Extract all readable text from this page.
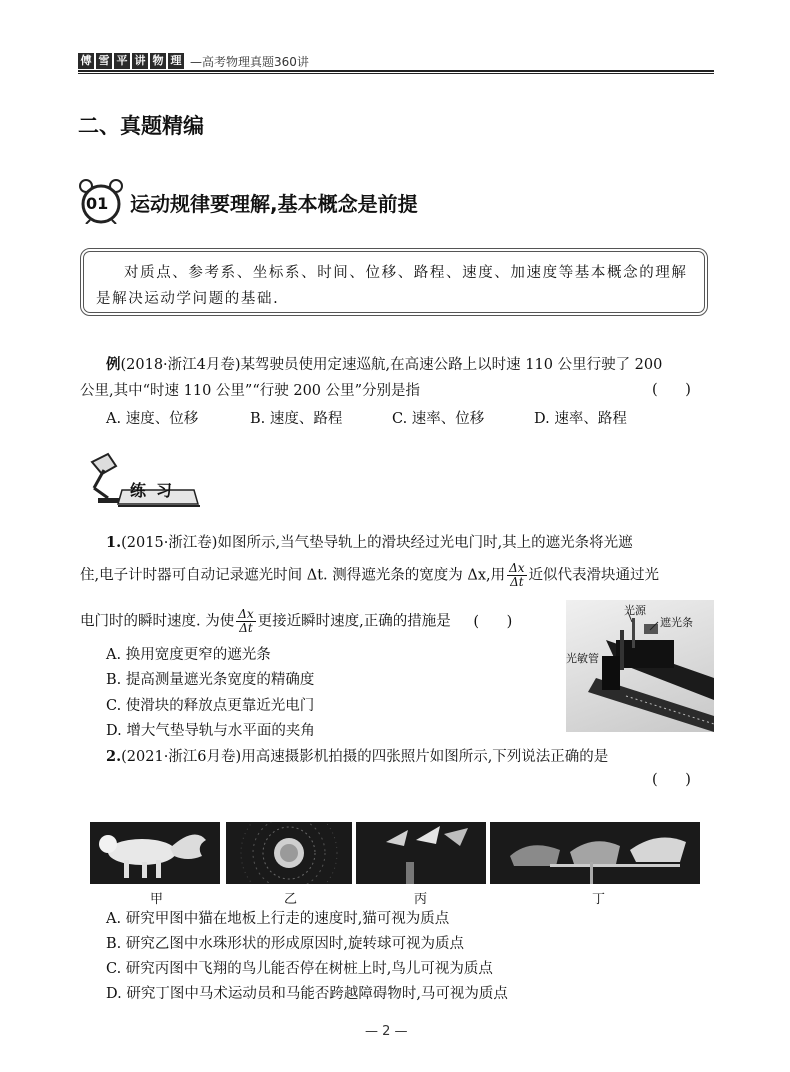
傅 雪 平 讲 物 理 —高考物理真题360讲
二、真题精编
01 运动规律要理解,基本概念是前提
对质点、参考系、坐标系、时间、位移、路程、速度、加速度等基本概念的理解是解决运动学问题的基础.
例(2018·浙江4月卷)某驾驶员使用定速巡航,在高速公路上以时速 110 公里行驶了 200
公里,其中“时速 110 公里”“行驶 200 公里”分别是指	(      )
A. 速度、位移	B. 速度、路程	C. 速率、位移	D. 速率、路程
练习
1.(2015·浙江卷)如图所示,当气垫导轨上的滑块经过光电门时,其上的遮光条将光遮
住,电子计时器可自动记录遮光时间 Δt. 测得遮光条的宽度为 Δx,用 $\frac{\Delta x}{\Delta t}$ 近似代表滑块通过光
电门时的瞬时速度. 为使 $\frac{\Delta x}{\Delta t}$ 更接近瞬时速度,正确的措施是 (      )
A. 换用宽度更窄的遮光条
B. 提高测量遮光条宽度的精确度
C. 使滑块的释放点更靠近光电门
D. 增大气垫导轨与水平面的夹角
光源
遮光条
光敏管
2.(2021·浙江6月卷)用高速摄影机拍摄的四张照片如图所示,下列说法正确的是
(      )
甲	乙	丙	丁
A. 研究甲图中猫在地板上行走的速度时,猫可视为质点
B. 研究乙图中水珠形状的形成原因时,旋转球可视为质点
C. 研究丙图中飞翔的鸟儿能否停在树桩上时,鸟儿可视为质点
D. 研究丁图中马术运动员和马能否跨越障碍物时,马可视为质点
— 2 —
